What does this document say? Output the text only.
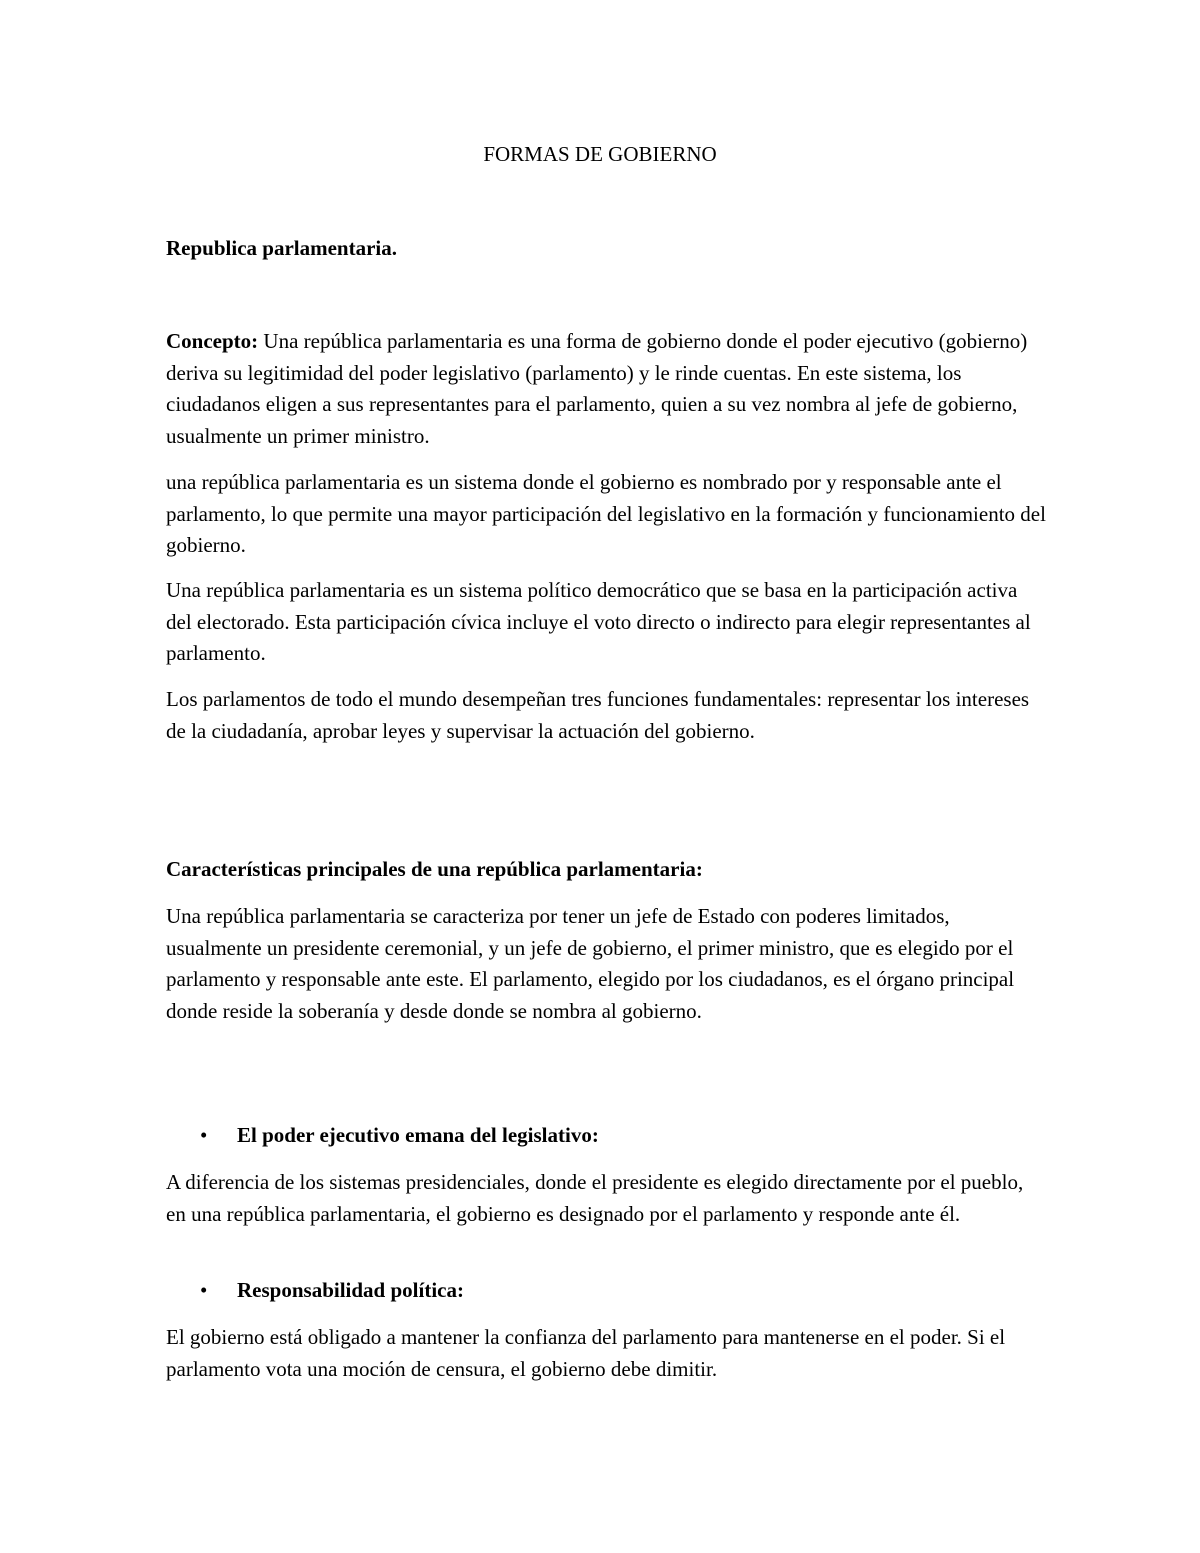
FORMAS DE GOBIERNO

Republica parlamentaria.

Concepto: Una república parlamentaria es una forma de gobierno donde el poder ejecutivo (gobierno) deriva su legitimidad del poder legislativo (parlamento) y le rinde cuentas. En este sistema, los ciudadanos eligen a sus representantes para el parlamento, quien a su vez nombra al jefe de gobierno, usualmente un primer ministro.

una república parlamentaria es un sistema donde el gobierno es nombrado por y responsable ante el parlamento, lo que permite una mayor participación del legislativo en la formación y funcionamiento del gobierno.

Una república parlamentaria es un sistema político democrático que se basa en la participación activa del electorado. Esta participación cívica incluye el voto directo o indirecto para elegir representantes al parlamento.

Los parlamentos de todo el mundo desempeñan tres funciones fundamentales: representar los intereses de la ciudadanía, aprobar leyes y supervisar la actuación del gobierno.

Características principales de una república parlamentaria:

Una república parlamentaria se caracteriza por tener un jefe de Estado con poderes limitados, usualmente un presidente ceremonial, y un jefe de gobierno, el primer ministro, que es elegido por el parlamento y responsable ante este. El parlamento, elegido por los ciudadanos, es el órgano principal donde reside la soberanía y desde donde se nombra al gobierno.

• El poder ejecutivo emana del legislativo:

A diferencia de los sistemas presidenciales, donde el presidente es elegido directamente por el pueblo, en una república parlamentaria, el gobierno es designado por el parlamento y responde ante él.

• Responsabilidad política:

El gobierno está obligado a mantener la confianza del parlamento para mantenerse en el poder. Si el parlamento vota una moción de censura, el gobierno debe dimitir.
